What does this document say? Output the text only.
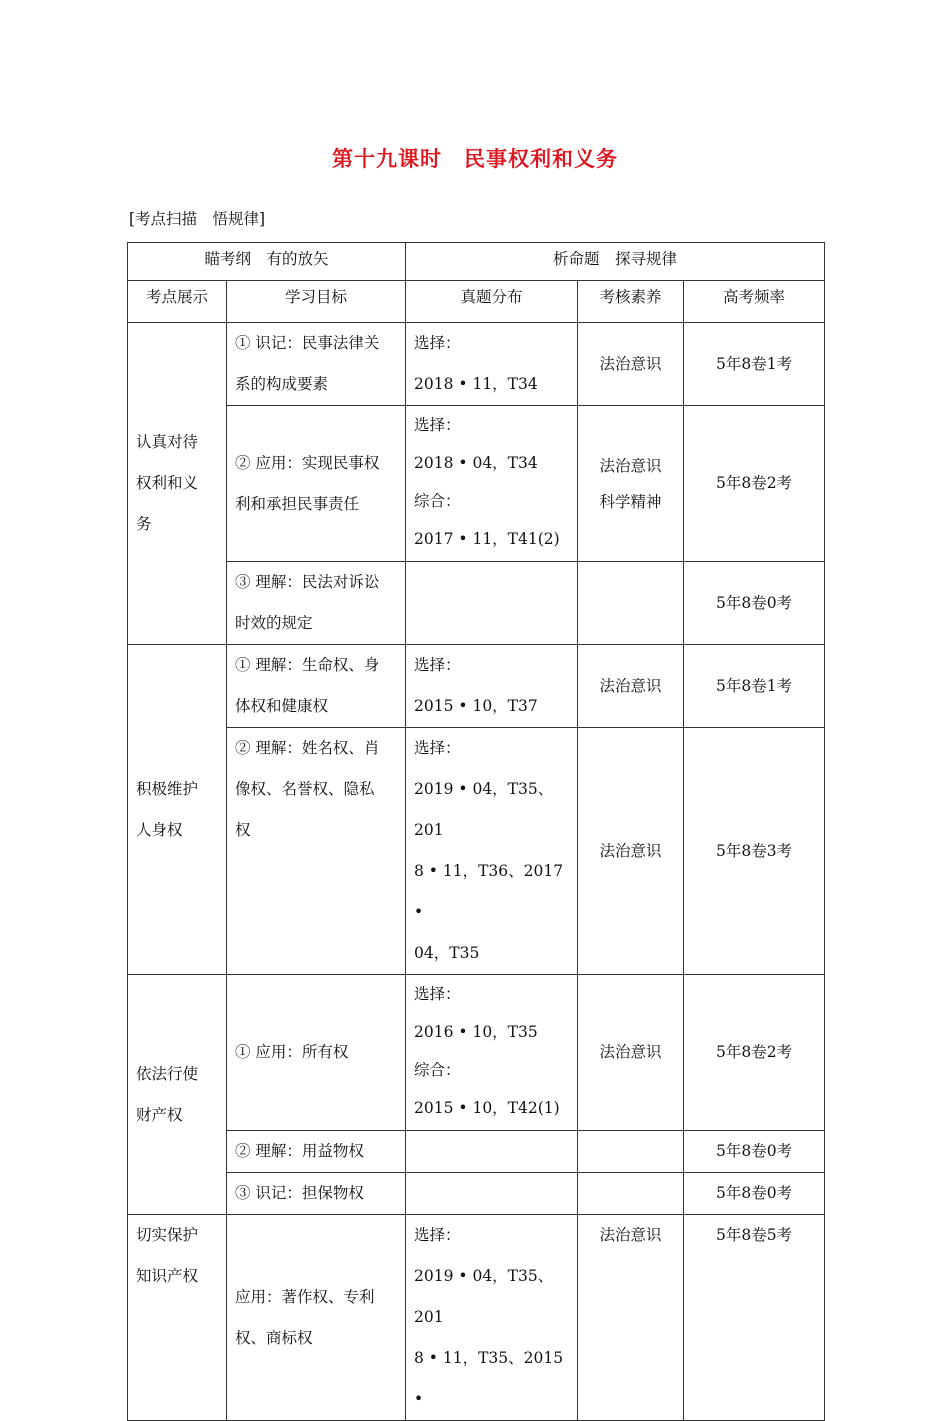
第十九课时　民事权利和义务
[考点扫描　悟规律]
瞄考纲　有的放矢		析命题　探寻规律		
考点展示	学习目标	真题分布	考核素养	高考频率

认真对待
权利和义
务	① 识记：民事法律关
系的构成要素	选择：
2018 • 11，T34	法治意识	5年8卷1考

	② 应用：实现民事权
利和承担民事责任	选择：
2018 • 04，T34
综合：
2017 • 11，T41(2)	法治意识
科学精神	5年8卷2考

	③ 理解：民法对诉讼
时效的规定			5年8卷0考

积极维护
人身权	① 理解：生命权、身
体权和健康权	选择：
2015 • 10，T37	法治意识	5年8卷1考

	② 理解：姓名权、肖
像权、名誉权、隐私
权	选择：
2019 • 04，T35、201
8 • 11，T36、2017 •
04，T35	法治意识	5年8卷3考

依法行使
财产权	① 应用：所有权	选择：
2016 • 10，T35
综合：
2015 • 10，T42(1)	法治意识	5年8卷2考

	② 理解：用益物权			5年8卷0考

	③ 识记：担保物权			5年8卷0考

切实保护
知识产权	应用：著作权、专利
权、商标权	选择：
2019 • 04，T35、201
8 • 11，T35、2015 •	法治意识	5年8卷5考
